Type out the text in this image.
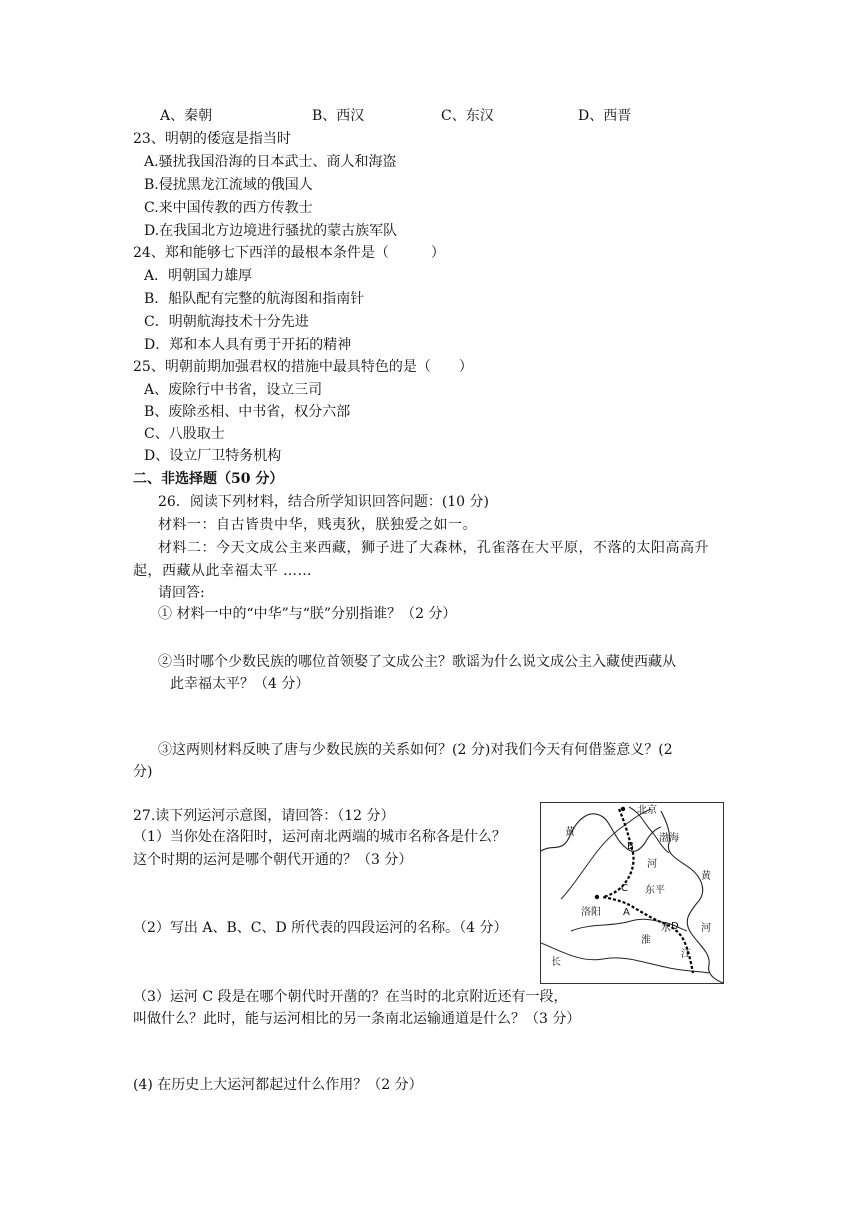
A、秦朝	B、西汉	C、东汉	D、西晋
23、明朝的倭寇是指当时
A.骚扰我国沿海的日本武士、商人和海盗
B.侵扰黑龙江流域的俄国人
C.来中国传教的西方传教士
D.在我国北方边境进行骚扰的蒙古族军队
24、郑和能够七下西洋的最根本条件是（　　　）
A．明朝国力雄厚
B．船队配有完整的航海图和指南针
C．明朝航海技术十分先进
D．郑和本人具有勇于开拓的精神
25、明朝前期加强君权的措施中最具特色的是（　　）
A、废除行中书省，设立三司
B、废除丞相、中书省，权分六部
C、八股取士
D、设立厂卫特务机构
二、非选择题（50 分）
26．阅读下列材料，结合所学知识回答问题：(10 分)
材料一：自古皆贵中华，贱夷狄，朕独爱之如一。
材料二：今天文成公主来西藏，狮子进了大森林，孔雀落在大平原，不落的太阳高高升
起，西藏从此幸福太平 ……
请回答:
① 材料一中的“中华”与“朕”分别指谁？（2 分）
②当时哪个少数民族的哪位首领娶了文成公主？歌谣为什么说文成公主入藏使西藏从
此幸福太平？（4 分）
③这两则材料反映了唐与少数民族的关系如何？(2 分)对我们今天有何借鉴意义？(2
分)
27.读下列运河示意图，请回答：（12 分）
（1）当你处在洛阳时，运河南北两端的城市名称各是什么？
这个时期的运河是哪个朝代开通的？（3 分）
（2）写出 A、B、C、D 所代表的四段运河的名称。（4 分）
（3）运河 C 段是在哪个朝代时开凿的？在当时的北京附近还有一段，
叫做什么？此时，能与运河相比的另一条南北运输通道是什么？（3 分）
(4) 在历史上大运河都起过什么作用？（2 分）
北京
渤海
黄
河
东平
黄
洛阳
淮
水	河
长
江
A
B
C
D
